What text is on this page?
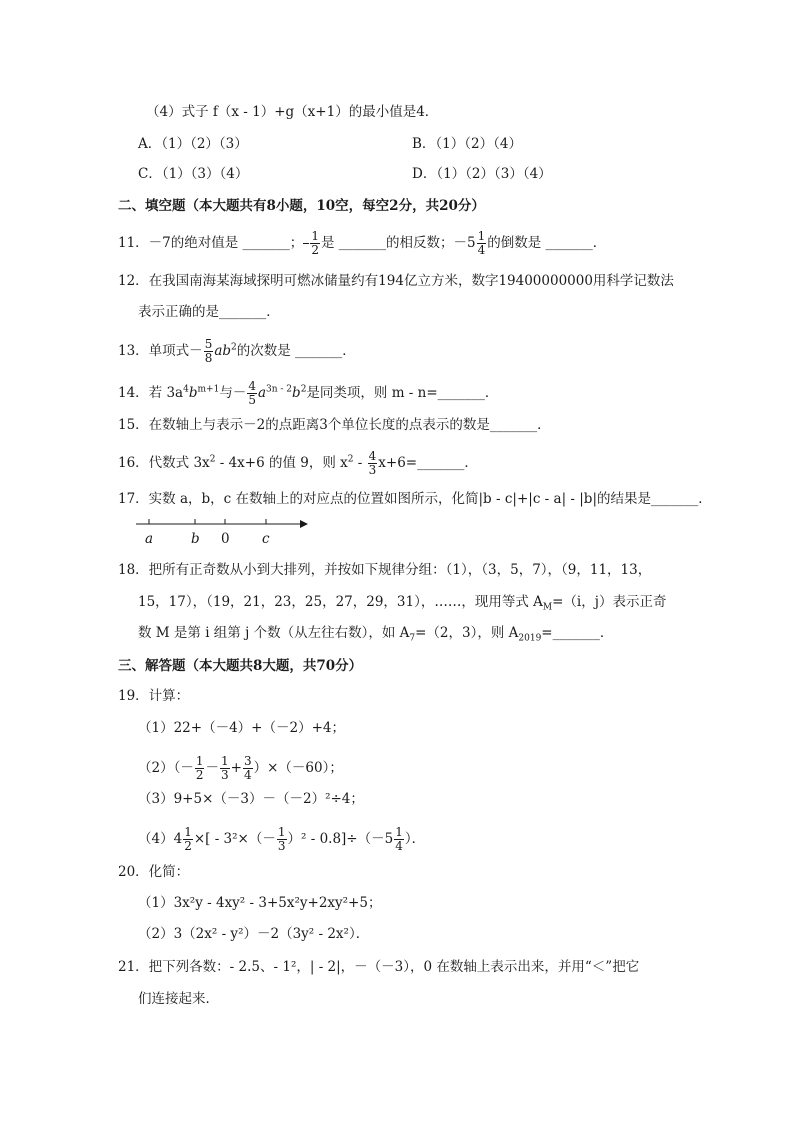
（4）式子 f（x - 1）+g（x+1）的最小值是4．
A．（1）（2）（3）	B．（1）（2）（4）
C．（1）（3）（4）	D．（1）（2）（3）（4）
二、填空题（本大题共有8小题，10空，每空2分，共20分）
11．－7的绝对值是 _______； $\frac{1}{2}$ 是 _______的相反数；$-5 \frac{1}{4}$ 的倒数是 _______．
12．在我国南海某海域探明可燃冰储量约有194亿立方米，数字19400000000用科学记数法
表示正确的是_______．
13．单项式－ $\frac{5}{8} ab^2$的次数是 _______．
14．若 $3a^4b^{m+1}$与－ $\frac{4}{5} a^{3n - 2}b^2$是同类项，则 m - n=_______．
15．在数轴上与表示－2的点距离3个单位长度的点表示的数是_______．
16．代数式 $3x^2 - 4x+6$ 的值 9，则 $x^2 - \frac{4}{3}$ x+6=_______．
17．实数 a，b，c 在数轴上的对应点的位置如图所示，化简|b - c|+|c - a| - |b|的结果是_______．
a	b 0 c
18．把所有正奇数从小到大排列，并按如下规律分组：（1），（3，5，7），（9，11，13，
15，17），（19，21，23，25，27，29，31），……，现用等式 $A_M=(i$，j）表示正奇
数 M 是第 i 组第 j 个数（从左往右数），如 $A_7=(2$，3），则 $A_{2019}=\_\_\_\_\_\_\_$．
三、解答题（本大题共8大题，共70分）
19．计算：
（1）22+（－4）+（－2）+4；
$(2)(- \frac{1}{2} - \frac{1}{3} + \frac{3}{4} )\times(-60)$；
（3）9+5×（－3）－（－2）²÷4；
$(4)4 \frac{1}{2}$ ×[ - $3^2\times(- \frac{1}{3} )^2 - 0.8]\div(-5 \frac{1}{4}$ ）．
20．化简：
（1）3x²y - 4xy² - 3+5x²y+2xy²+5；
（2）3（2x² - y²）－2（3y² - 2x²）．
21．把下列各数：- 2.5、- 1²，| - 2|，－（－3），0 在数轴上表示出来，并用“＜”把它
们连接起来．
